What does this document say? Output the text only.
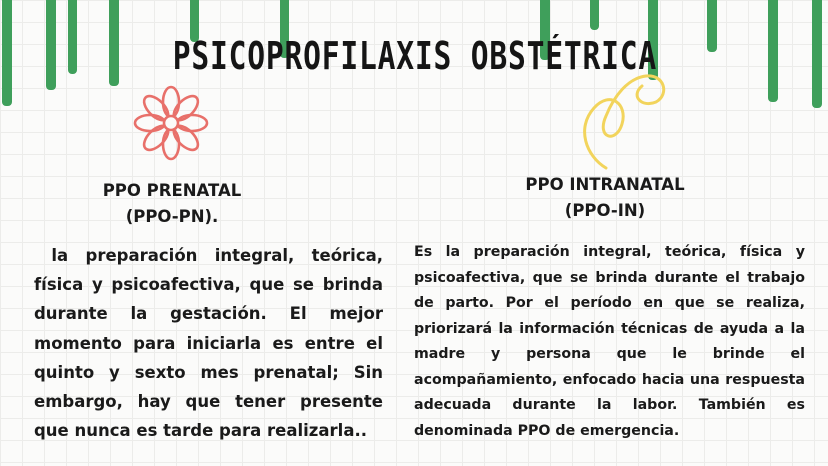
PSICOPROFILAXIS OBSTÉTRICA
PPO PRENATAL
(PPO-PN).
PPO INTRANATAL
(PPO-IN)
la preparación integral, teórica, física y psicoafectiva, que se brinda durante la gestación. El mejor momento para iniciarla es entre el quinto y sexto mes prenatal; Sin embargo, hay que tener presente que nunca es tarde para realizarla..
Es la preparación integral, teórica, física y psicoafectiva, que se brinda durante el trabajo de parto. Por el período en que se realiza, priorizará la información técnicas de ayuda a la madre y persona que le brinde el acompañamiento, enfocado hacia una respuesta adecuada durante la labor. También es denominada PPO de emergencia.
